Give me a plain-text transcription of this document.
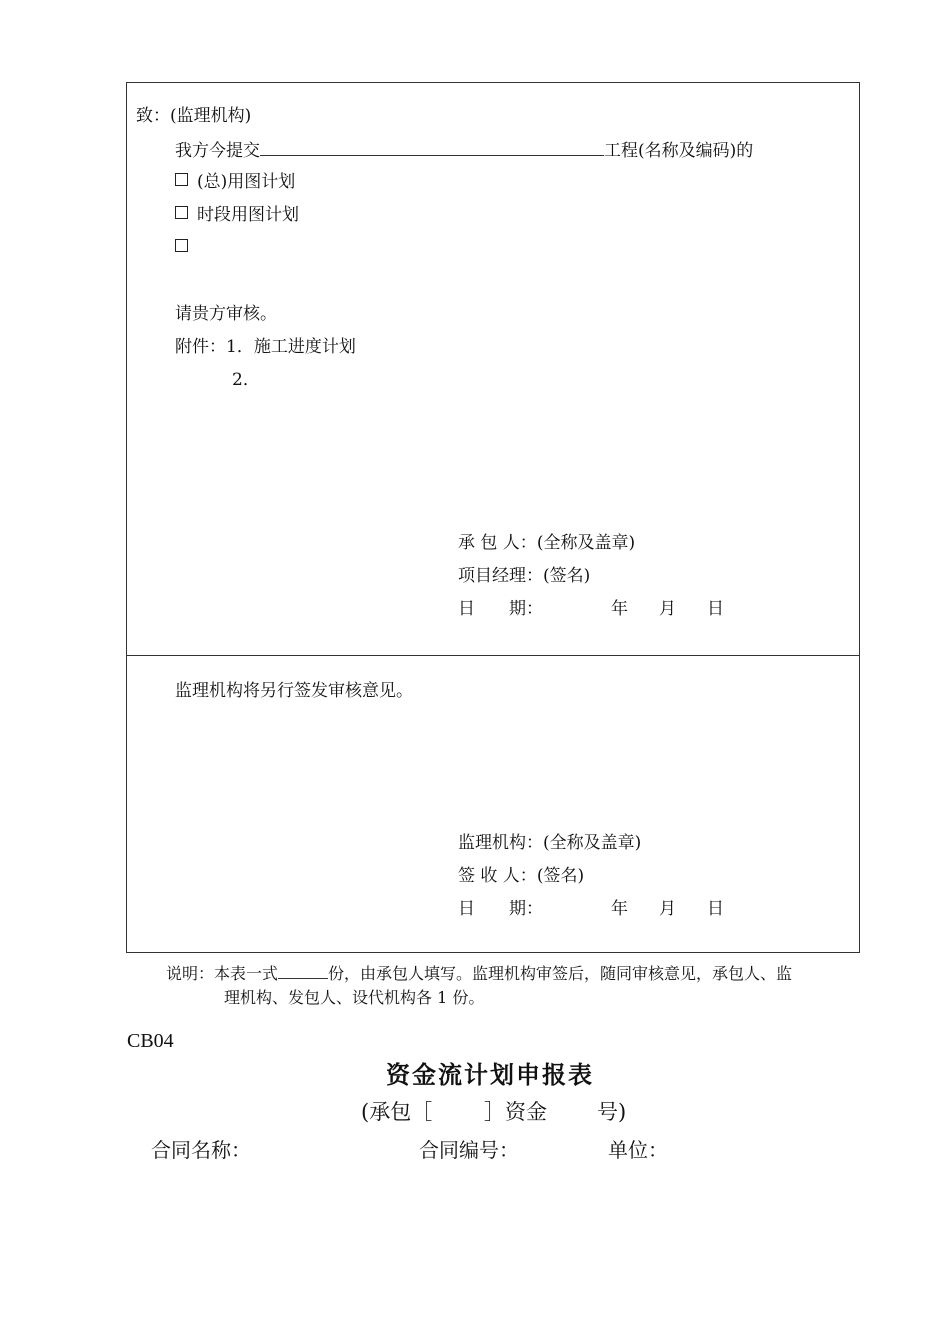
致：(监理机构)
我方今提交	工程(名称及编码)的
(总)用图计划
时段用图计划
请贵方审核。
附件：1．施工进度计划
2．
承 包 人：(全称及盖章)
项目经理：(签名)
日　　期：	年 月 日
监理机构将另行签发审核意见。
监理机构：(全称及盖章)
签 收 人：(签名)
日　　期：	年 月 日
说明：本表一式	份，由承包人填写。监理机构审签后，随同审核意见，承包人、监
理机构、发包人、设代机构各 1 份。
CB04
资金流计划申报表
(承包［ ］资金 号)
合同名称：	合同编号：	单位：
